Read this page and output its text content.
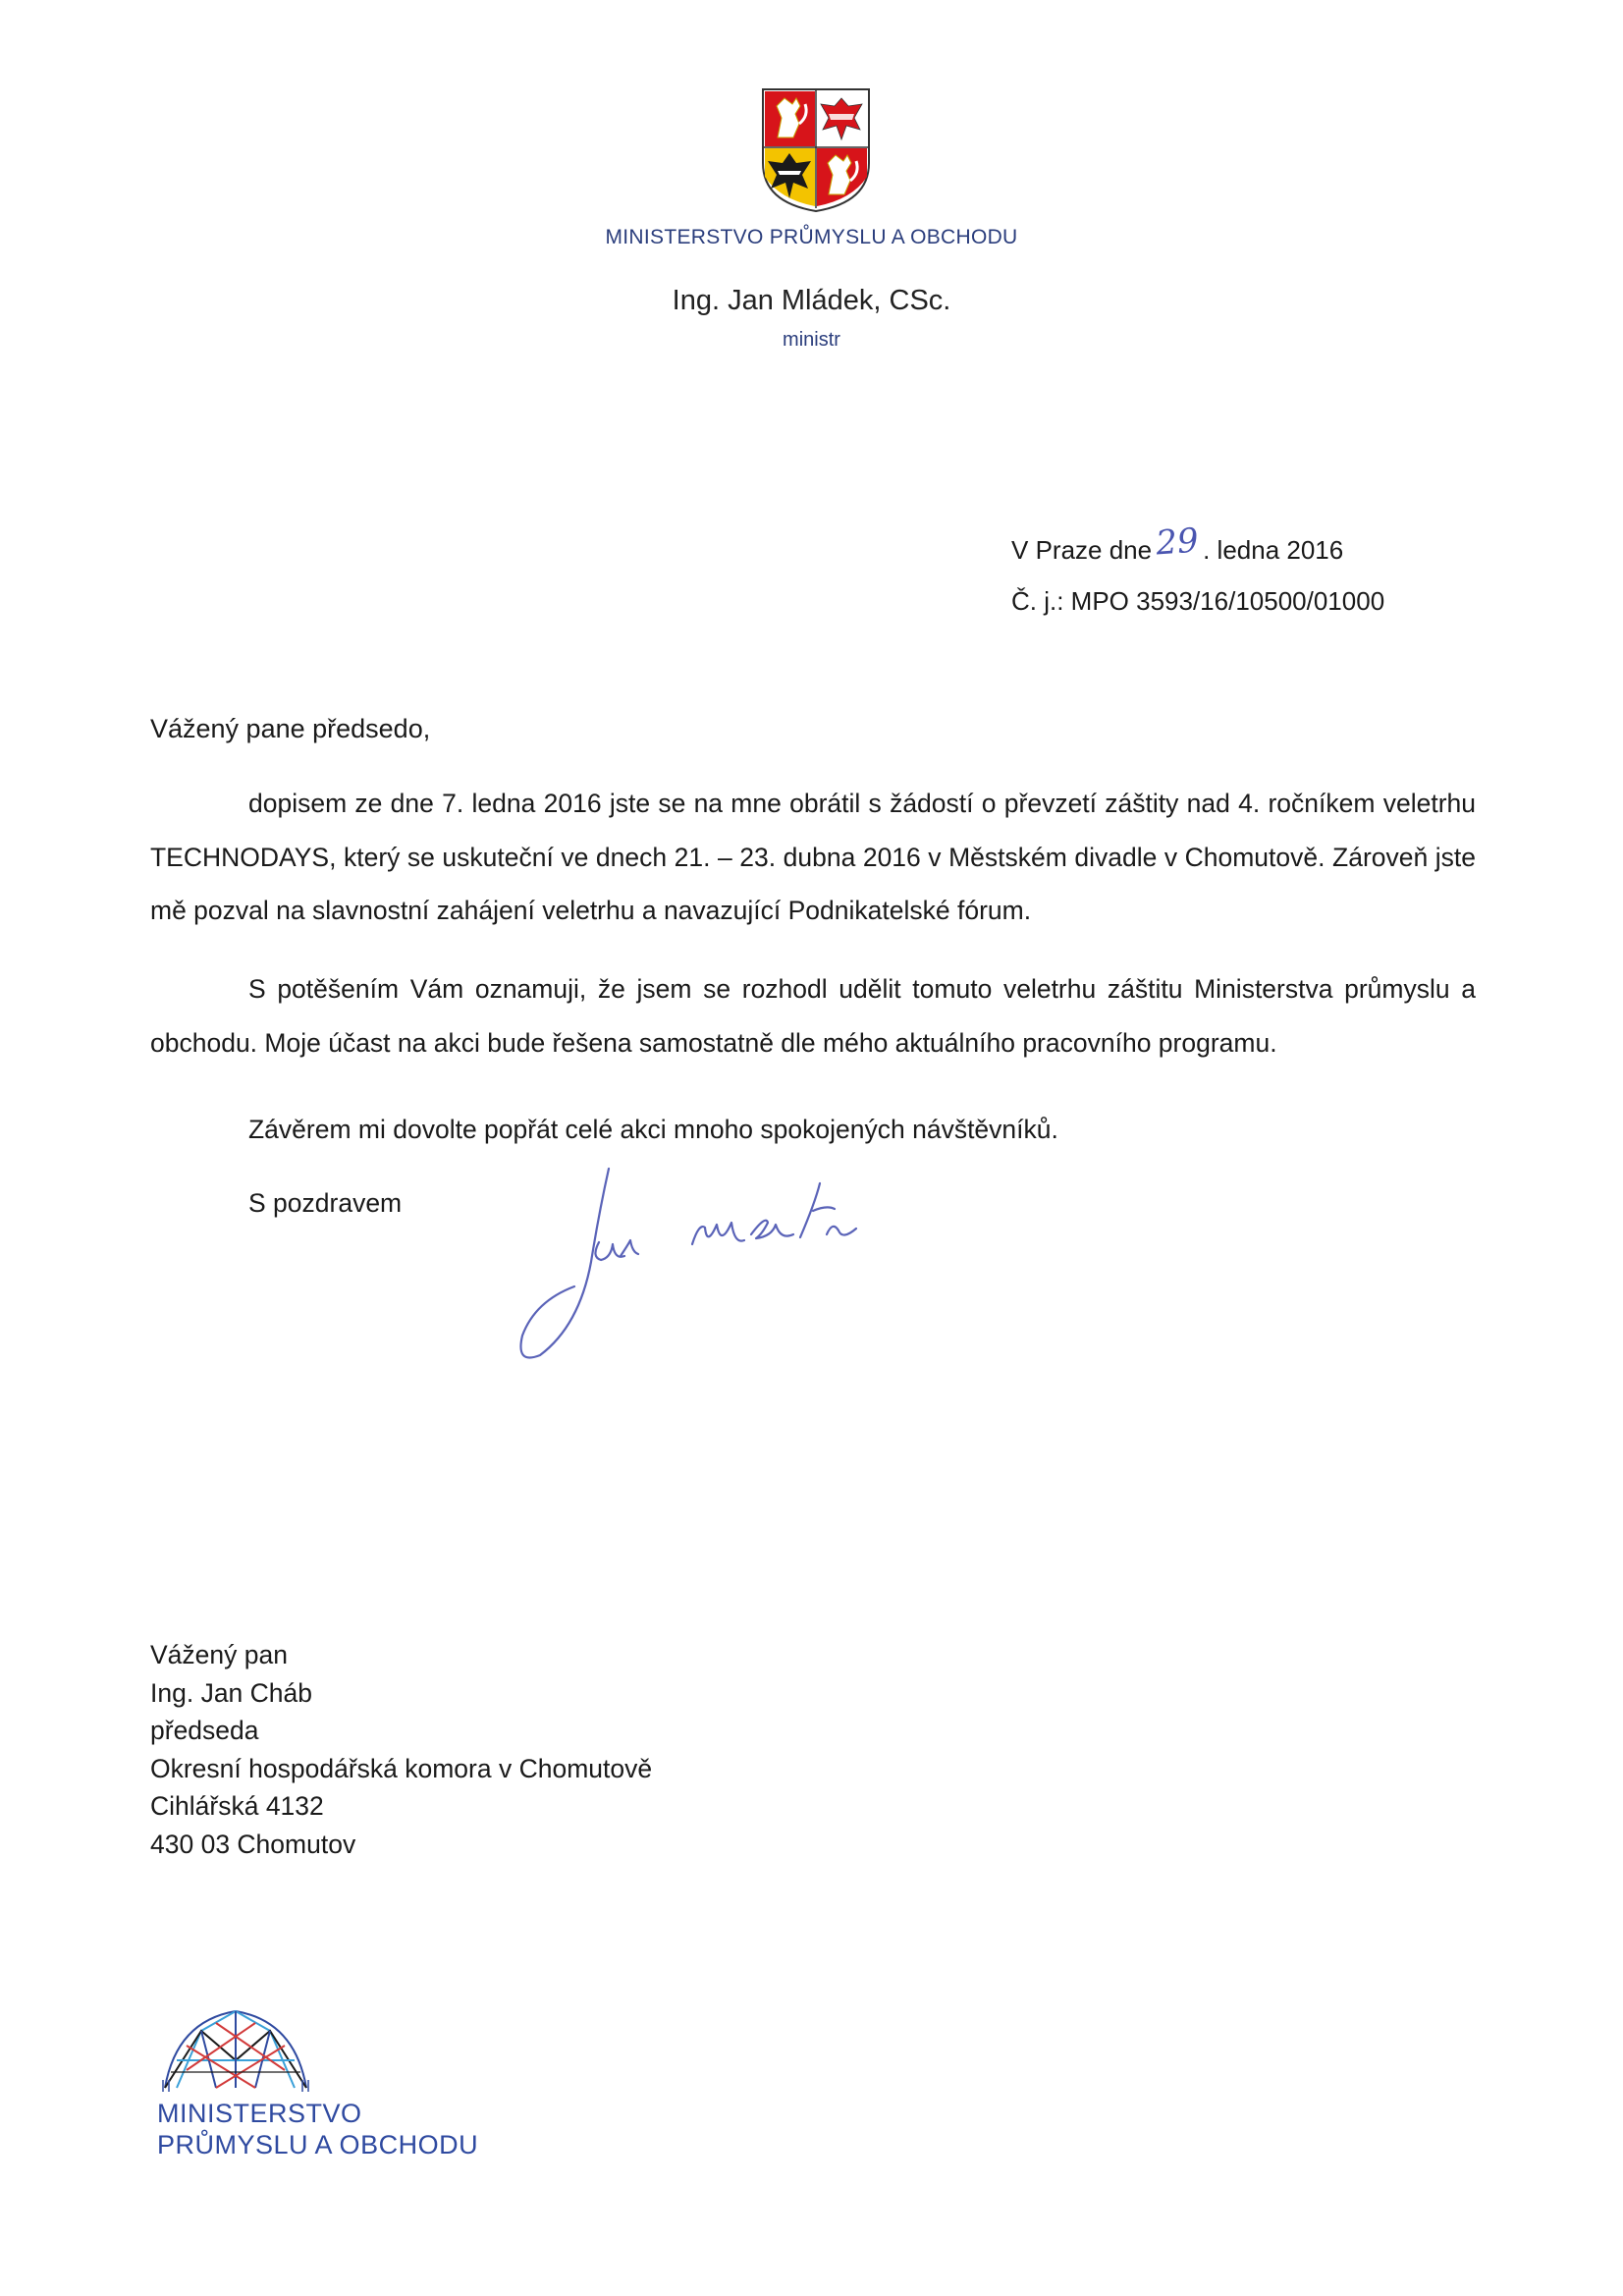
MINISTERSTVO PRŮMYSLU A OBCHODU
Ing. Jan Mládek, CSc.
ministr
V Praze dne29 . ledna 2016
Č. j.: MPO 3593/16/10500/01000
Vážený pane předsedo,
dopisem ze dne 7. ledna 2016 jste se na mne obrátil s žádostí o převzetí záštity nad 4. ročníkem veletrhu TECHNODAYS, který se uskuteční ve dnech 21. – 23. dubna 2016 v Městském divadle v Chomutově. Zároveň jste mě pozval na slavnostní zahájení veletrhu a navazující Podnikatelské fórum.
S potěšením Vám oznamuji, že jsem se rozhodl udělit tomuto veletrhu záštitu Ministerstva průmyslu a obchodu. Moje účast na akci bude řešena samostatně dle mého aktuálního pracovního programu.
Závěrem mi dovolte popřát celé akci mnoho spokojených návštěvníků.
S pozdravem
Vážený pan
Ing. Jan Cháb
předseda
Okresní hospodářská komora v Chomutově
Cihlářská 4132
430 03 Chomutov
MINISTERSTVO
PRŮMYSLU A OBCHODU
